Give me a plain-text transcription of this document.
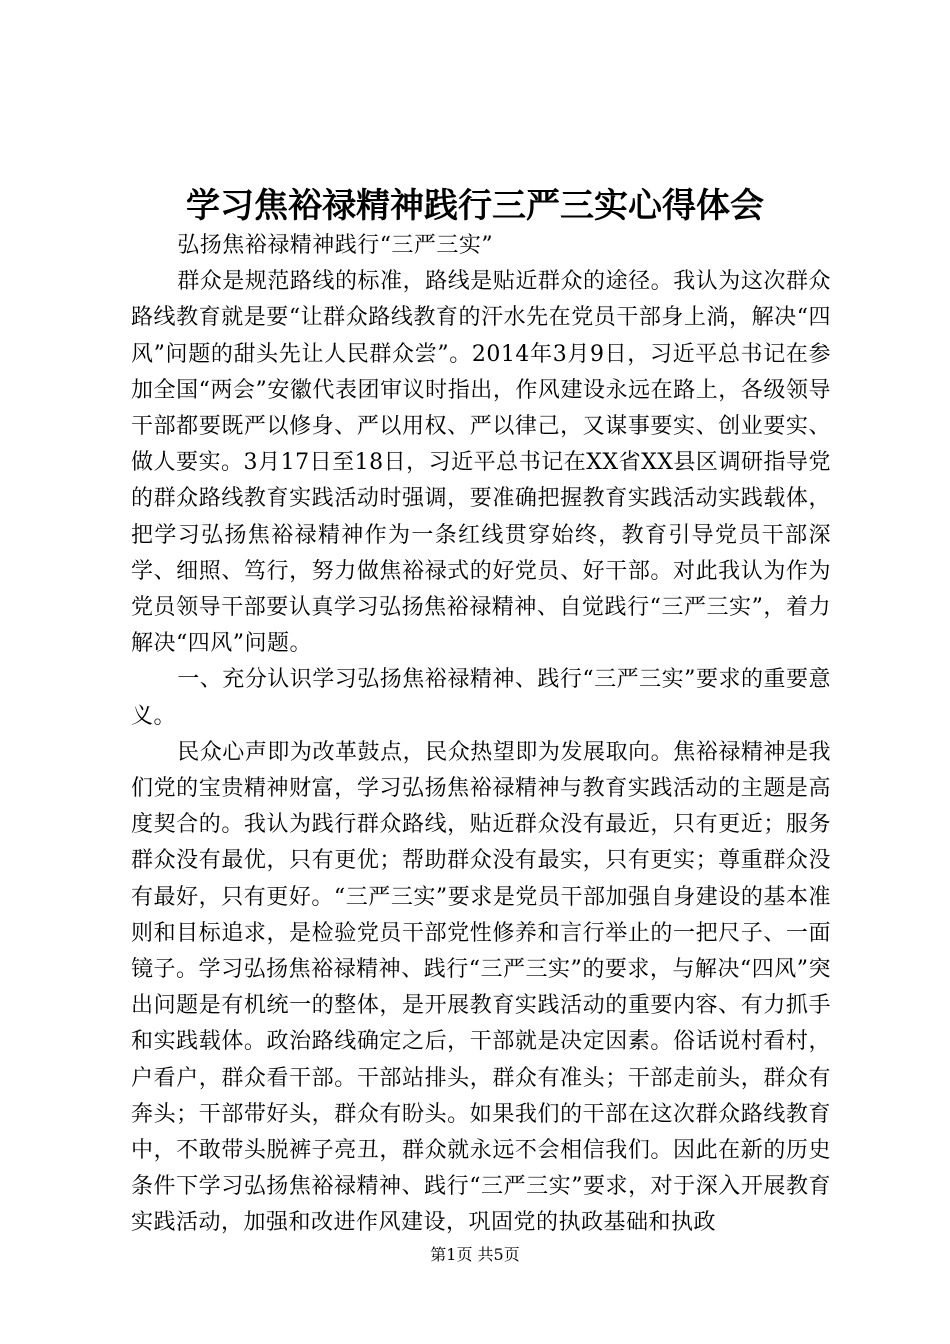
学习焦裕禄精神践行三严三实心得体会

弘扬焦裕禄精神践行“三严三实”

群众是规范路线的标准，路线是贴近群众的途径。我认为这次群众路线教育就是要“让群众路线教育的汗水先在党员干部身上淌，解决“四风”问题的甜头先让人民群众尝”。2014年3月9日，习近平总书记在参加全国“两会”安徽代表团审议时指出，作风建设永远在路上，各级领导干部都要既严以修身、严以用权、严以律己，又谋事要实、创业要实、做人要实。3月17日至18日，习近平总书记在XX省XX县区调研指导党的群众路线教育实践活动时强调，要准确把握教育实践活动实践载体，把学习弘扬焦裕禄精神作为一条红线贯穿始终，教育引导党员干部深学、细照、笃行，努力做焦裕禄式的好党员、好干部。对此我认为作为党员领导干部要认真学习弘扬焦裕禄精神、自觉践行“三严三实”，着力解决“四风”问题。

一、充分认识学习弘扬焦裕禄精神、践行“三严三实”要求的重要意义。

民众心声即为改革鼓点，民众热望即为发展取向。焦裕禄精神是我们党的宝贵精神财富，学习弘扬焦裕禄精神与教育实践活动的主题是高度契合的。我认为践行群众路线，贴近群众没有最近，只有更近；服务群众没有最优，只有更优；帮助群众没有最实，只有更实；尊重群众没有最好，只有更好。“三严三实”要求是党员干部加强自身建设的基本准则和目标追求，是检验党员干部党性修养和言行举止的一把尺子、一面镜子。学习弘扬焦裕禄精神、践行“三严三实”的要求，与解决“四风”突出问题是有机统一的整体，是开展教育实践活动的重要内容、有力抓手和实践载体。政治路线确定之后，干部就是决定因素。俗话说村看村，户看户，群众看干部。干部站排头，群众有准头；干部走前头，群众有奔头；干部带好头，群众有盼头。如果我们的干部在这次群众路线教育中，不敢带头脱裤子亮丑，群众就永远不会相信我们。因此在新的历史条件下学习弘扬焦裕禄精神、践行“三严三实”要求，对于深入开展教育实践活动，加强和改进作风建设，巩固党的执政基础和执政

第1页 共5页
